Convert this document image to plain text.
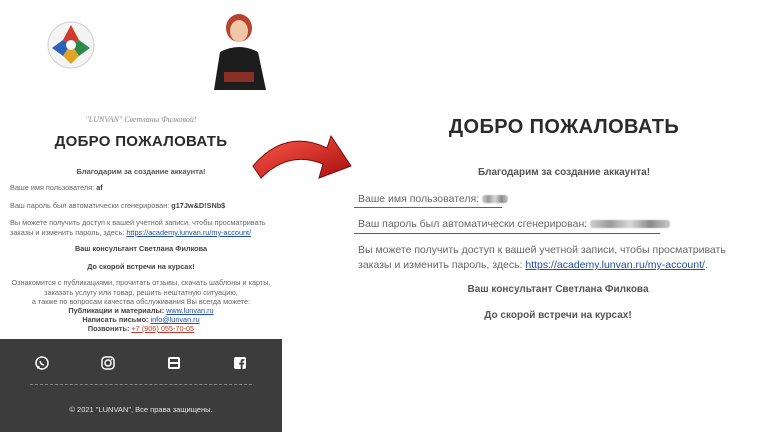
"LUNVAN" Светланы Филковой!
ДОБРО ПОЖАЛОВАТЬ
Благодарим за создание аккаунта!
Ваше имя пользователя: af
Ваш пароль был автоматически сгенерирован: g17Jw&D!SNb$
Вы можете получить доступ к вашей учетной записи, чтобы просматривать заказы и изменить пароль, здесь: https://academy.lunvan.ru/my-account/
Ваш консультант Светлана Филкова
До скорой встречи на курсах!
Ознакомится с публикациями, прочитать отзывы, скачать шаблоны и карты,
заказать услугу или товар, решить нештатную ситуацию,
а также по вопросам качества обслуживания Вы всегда можете:
Публикации и материалы: www.lunvan.ru
Написать письмо: info@lunvan.ru
Позвонить: +7 (906) 055-70-05
© 2021 "LUNVAN", Все права защищены.
ДОБРО ПОЖАЛОВАТЬ
Благодарим за создание аккаунта!
Ваше имя пользователя:
Ваш пароль был автоматически сгенерирован:
Вы можете получить доступ к вашей учетной записи, чтобы просматривать заказы и изменить пароль, здесь: https://academy.lunvan.ru/my-account/.
Ваш консультант Светлана Филкова
До скорой встречи на курсах!
